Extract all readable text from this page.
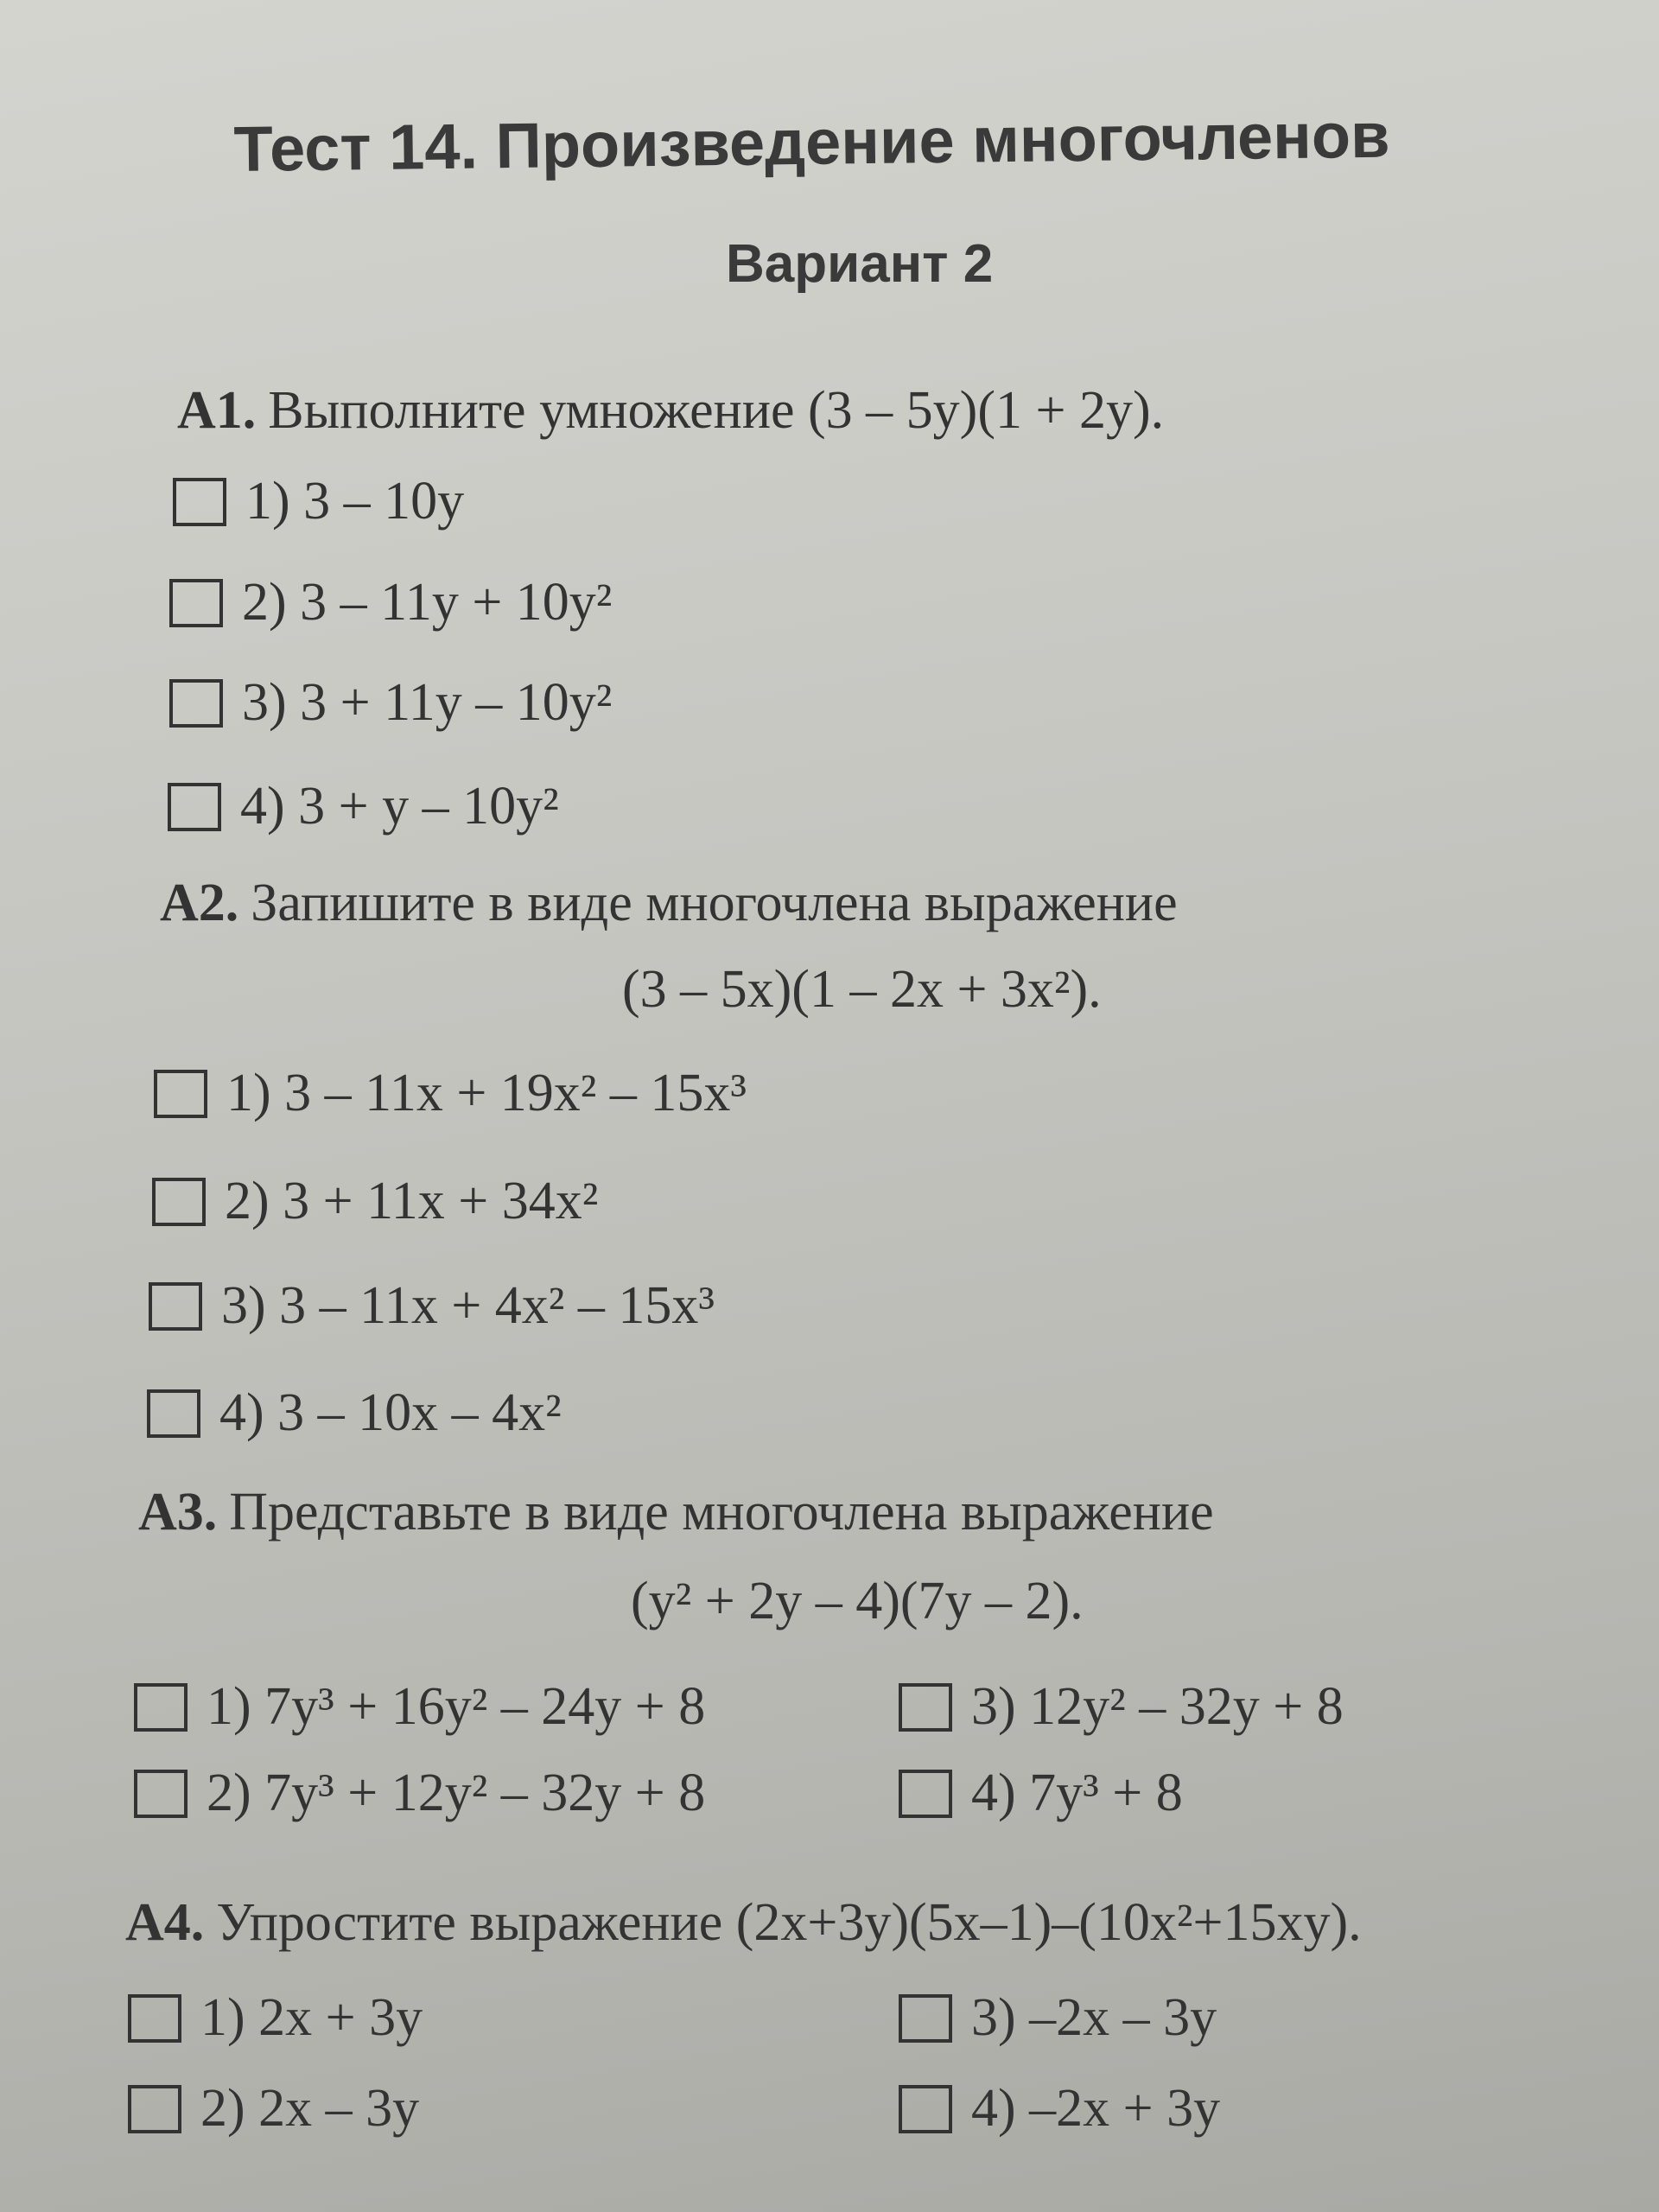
Тест 14. Произведение многочленов
Вариант 2
А1. Выполните умножение (3 – 5y)(1 + 2y).
1) 3 – 10y
2) 3 – 11y + 10y²
3) 3 + 11y – 10y²
4) 3 + y – 10y²
А2. Запишите в виде многочлена выражение
(3 – 5x)(1 – 2x + 3x²).
1) 3 – 11x + 19x² – 15x³
2) 3 + 11x + 34x²
3) 3 – 11x + 4x² – 15x³
4) 3 – 10x – 4x²
А3. Представьте в виде многочлена выражение
(y² + 2y – 4)(7y – 2).
1) 7y³ + 16y² – 24y + 8
2) 7y³ + 12y² – 32y + 8
3) 12y² – 32y + 8
4) 7y³ + 8
А4. Упростите выражение (2x+3y)(5x–1)–(10x²+15xy).
1) 2x + 3y
2) 2x – 3y
3) –2x – 3y
4) –2x + 3y
